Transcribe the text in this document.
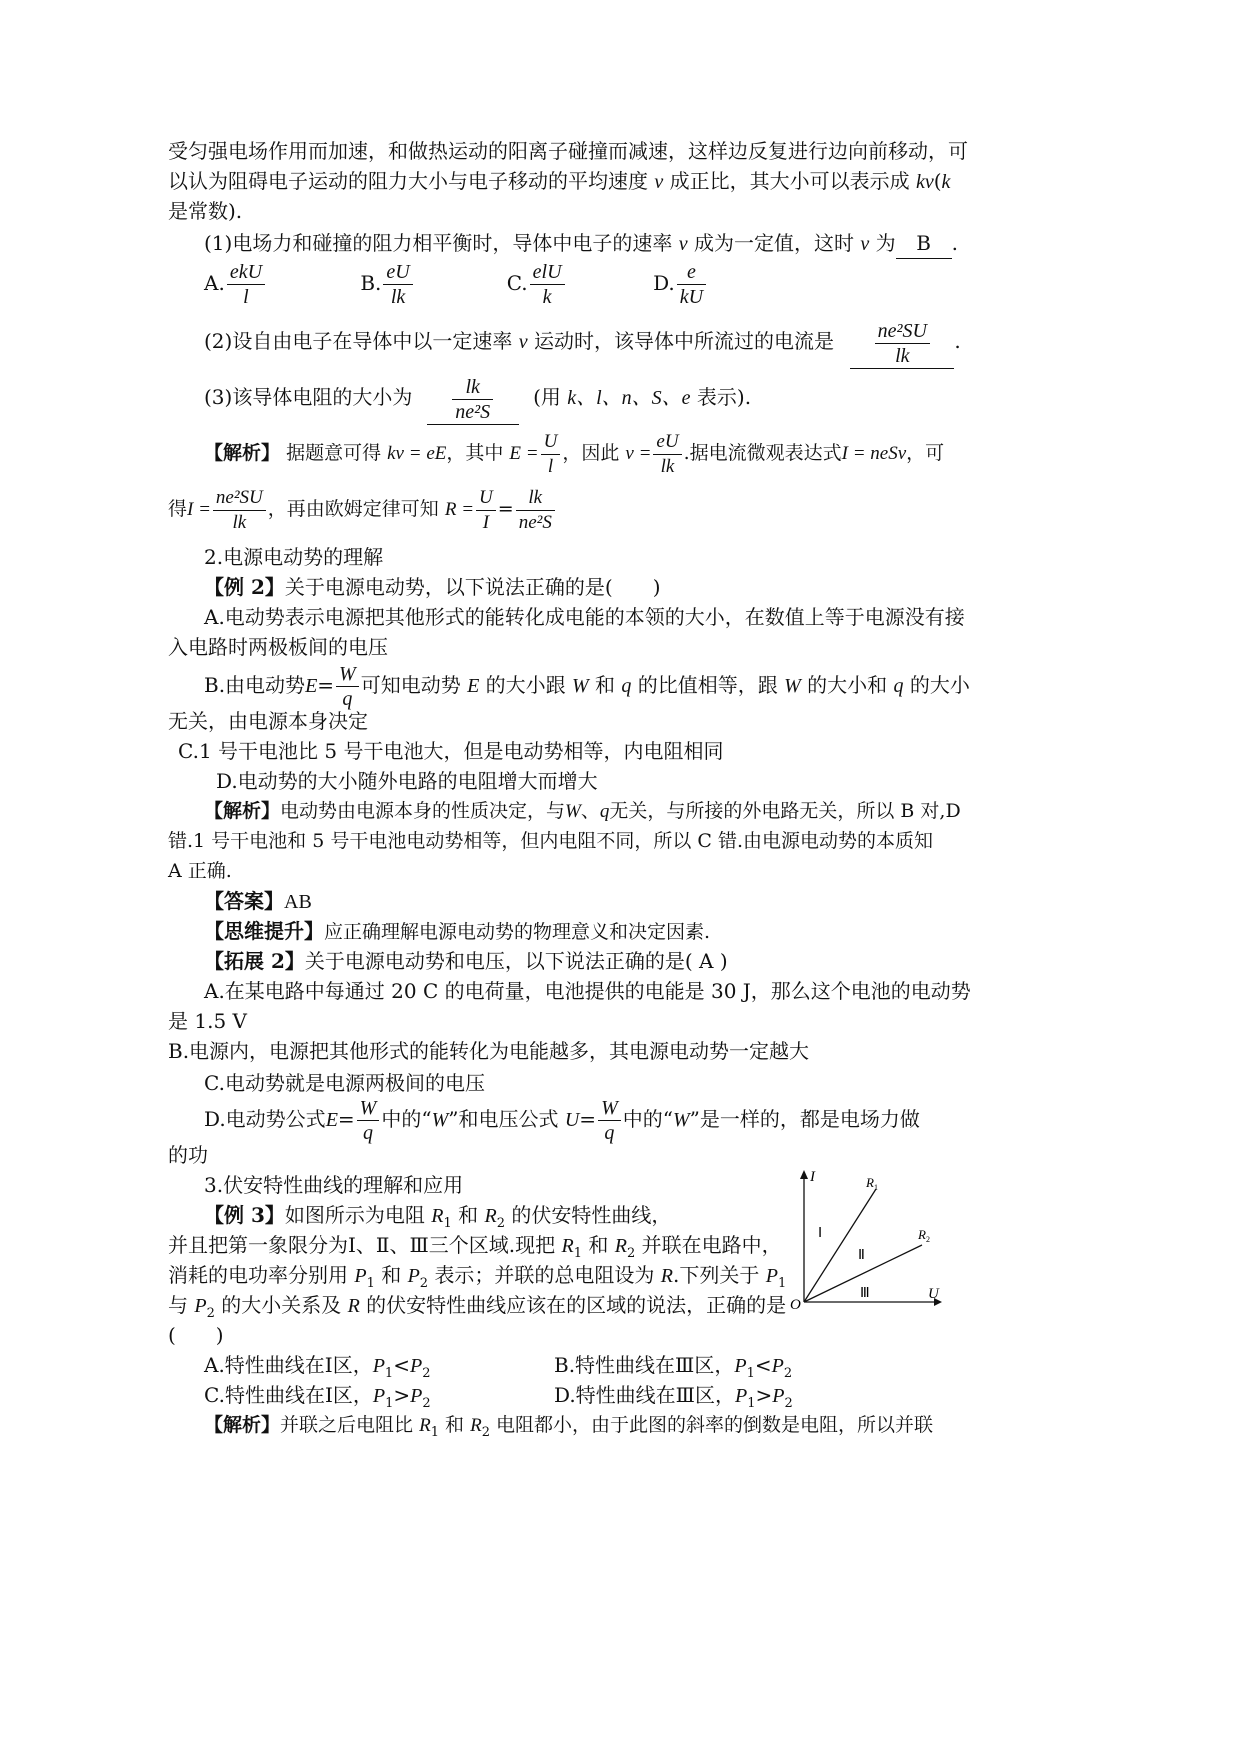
受匀强电场作用而加速，和做热运动的阳离子碰撞而减速，这样边反复进行边向前移动，可
以认为阻碍电子运动的阻力大小与电子移动的平均速度 v 成正比，其大小可以表示成 kv(k
是常数).
(1)电场力和碰撞的阻力相平衡时，导体中电子的速率 v 成为一定值，这时 v 为 B .
A. ekU
l
B. $\frac{eU}{lk}$	C. elU
k
D. $\frac{e}{kU}$
(2)设自由电子在导体中以一定速率 v 运动时，该导体中所流过的电流是 $\frac{\text{ne²SU}}{lk}$ .
(3)该导体电阻的大小为 $\frac{lk}{\text{ne²S}}$ (用 k、l、n、S、e 表示).
【解析】 据题意可得 kv = eE，其中 $E = \frac{U}{l}$ ，因此 $v = \frac{eU}{lk}$ .据电流微观表达式I = neSv，可
得$I = \frac{\text{ne²SU}}{lk}$ ，再由欧姆定律可知 $R = \frac{U}{I} = \frac{lk}{\text{ne²S}}$
2.电源电动势的理解
【例 2】关于电源电动势，以下说法正确的是(　　)
A.电动势表示电源把其他形式的能转化成电能的本领的大小，在数值上等于电源没有接
入电路时两极板间的电压
B.由电动势$E= \frac{W}{q}$ 可知电动势 E 的大小跟 W 和 q 的比值相等，跟 W 的大小和 q 的大小
无关，由电源本身决定
C.1 号干电池比 5 号干电池大，但是电动势相等，内电阻相同
D.电动势的大小随外电路的电阻增大而增大
【解析】电动势由电源本身的性质决定，与W、q无关，与所接的外电路无关，所以 B 对,D
错.1 号干电池和 5 号干电池电动势相等，但内电阻不同，所以 C 错.由电源电动势的本质知
A 正确.
【答案】AB
【思维提升】应正确理解电源电动势的物理意义和决定因素.
【拓展 2】关于电源电动势和电压，以下说法正确的是( A )
A.在某电路中每通过 20 C 的电荷量，电池提供的电能是 30 J，那么这个电池的电动势
是 1.5 V
B.电源内，电源把其他形式的能转化为电能越多，其电源电动势一定越大
C.电动势就是电源两极间的电压
D.电动势公式$E= \frac{W}{q}$ 中的“W”和电压公式 $U= \frac{W}{q}$ 中的“W”是一样的，都是电场力做
的功
3.伏安特性曲线的理解和应用
【例 3】如图所示为电阻 $R_1$ 和 $R_2$ 的伏安特性曲线，
并且把第一象限分为Ⅰ、Ⅱ、Ⅲ三个区域.现把 $R_1$ 和 $R_2$ 并联在电路中，
消耗的电功率分别用 $P_1$ 和 $P_2$ 表示；并联的总电阻设为 R.下列关于 $P_1$
与 $P_2$ 的大小关系及 R 的伏安特性曲线应该在的区域的说法，正确的是
(　　)
A.特性曲线在Ⅰ区，$P_1<P_2$	B.特性曲线在Ⅲ区，$P_1<P_2$
C.特性曲线在Ⅰ区，$P_1>P_2$	D.特性曲线在Ⅲ区，$P_1>P_2$
【解析】并联之后电阻比 $R_1$ 和 $R_2$ 电阻都小，由于此图的斜率的倒数是电阻，所以并联
I
U
O
$R_1$
$R_2$
Ⅰ
Ⅱ
Ⅲ
